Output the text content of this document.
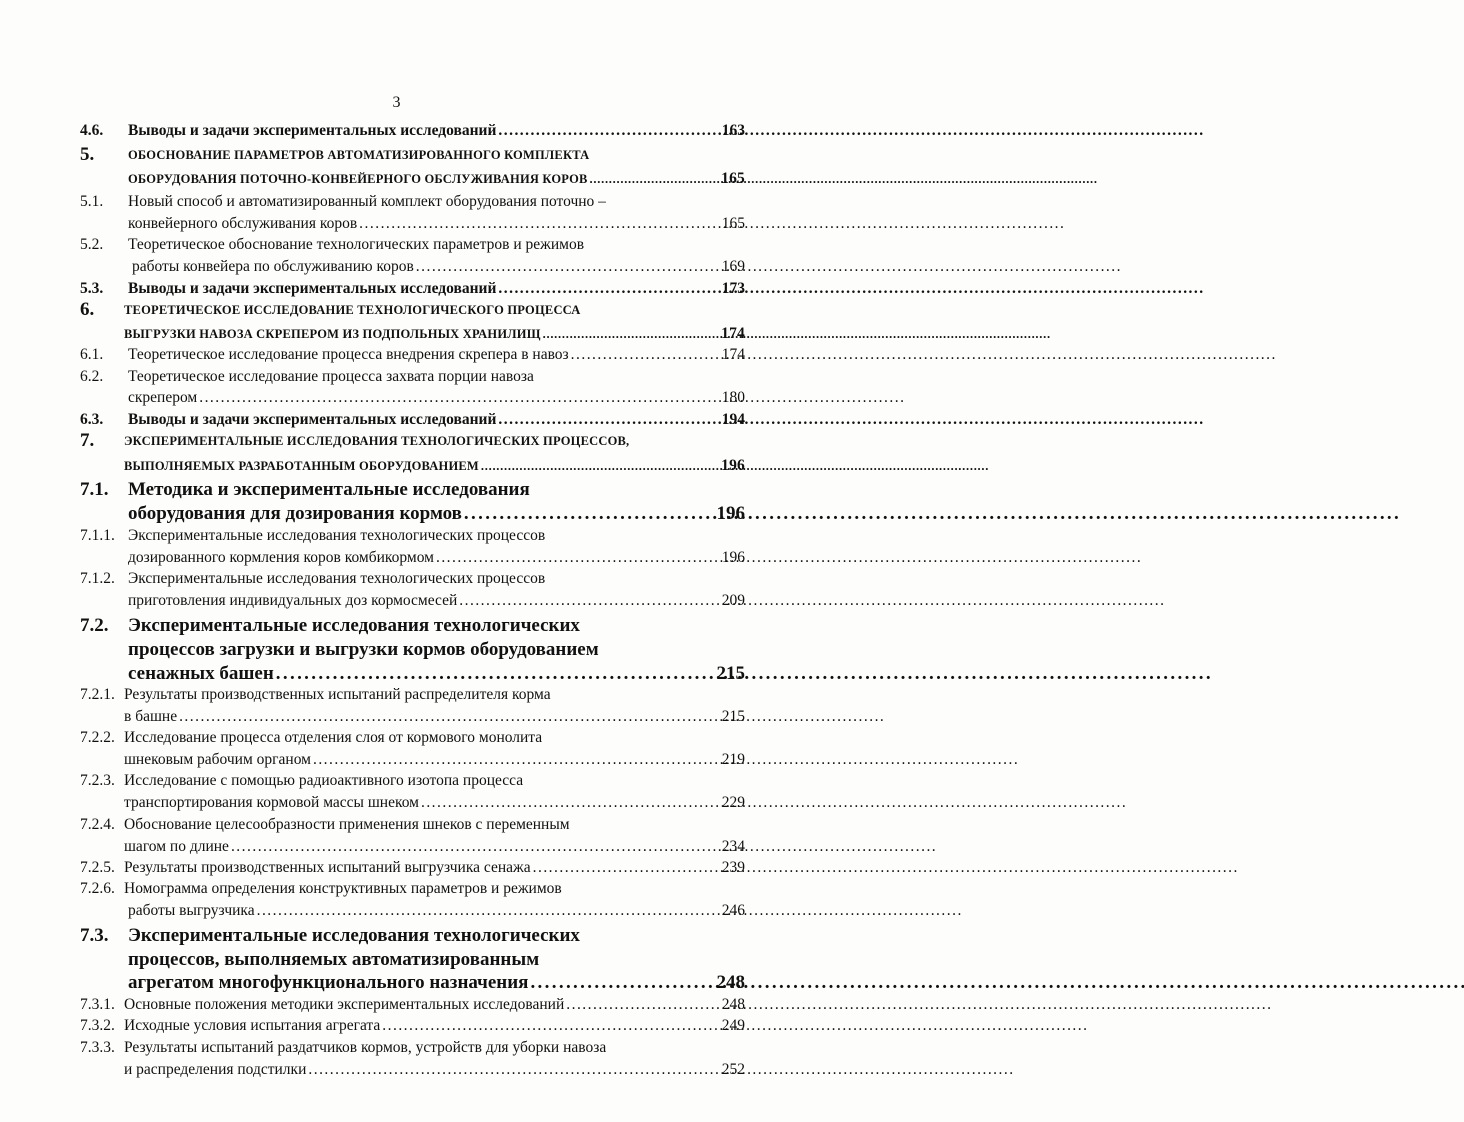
3
4.6. Выводы и задачи экспериментальных исследований . . .	163
5.	ОБОСНОВАНИЕ ПАРАМЕТРОВ АВТОМАТИЗИРОВАННОГО КОМПЛЕКТА
ОБОРУДОВАНИЯ ПОТОЧНО-КОНВЕЙЕРНОГО ОБСЛУЖИВАНИЯ КОРОВ . . .	165
5.1. Новый способ и автоматизированный комплект оборудования поточно –
конвейерного обслуживания коров . . .	165
5.2. Теоретическое обоснование технологических параметров и режимов
работы конвейера по обслуживанию коров . . .	169
5.3. Выводы и задачи экспериментальных исследований . . .	173
6. ТЕОРЕТИЧЕСКОЕ ИССЛЕДОВАНИЕ ТЕХНОЛОГИЧЕСКОГО ПРОЦЕССА
ВЫГРУЗКИ НАВОЗА СКРЕПЕРОМ ИЗ ПОДПОЛЬНЫХ ХРАНИЛИЩ . . .	174
6.1. Теоретическое исследование процесса внедрения скрепера в навоз . . .	174
6.2. Теоретическое исследование процесса захвата порции навоза
скрепером . . .	180
6.3. Выводы и задачи экспериментальных исследований . . .	194
7. ЭКСПЕРИМЕНТАЛЬНЫЕ ИССЛЕДОВАНИЯ ТЕХНОЛОГИЧЕСКИХ ПРОЦЕССОВ,
ВЫПОЛНЯЕМЫХ РАЗРАБОТАННЫМ ОБОРУДОВАНИЕМ . . .	196
7.1. Методика и экспериментальные исследования
оборудования для дозирования кормов . . .	196
7.1.1. Экспериментальные исследования технологических процессов
дозированного кормления коров комбикормом . . .	196
7.1.2. Экспериментальные исследования технологических процессов
приготовления индивидуальных доз кормосмесей . . .	209
7.2. Экспериментальные исследования технологических
процессов загрузки и выгрузки кормов оборудованием
сенажных башен . . .	215
7.2.1. Результаты производственных испытаний распределителя корма
в башне . . .	215
7.2.2. Исследование процесса отделения слоя от кормового монолита
шнековым рабочим органом . . .	219
7.2.3. Исследование с помощью радиоактивного изотопа процесса
транспортирования кормовой массы шнеком . . .	229
7.2.4. Обоснование целесообразности применения шнеков с переменным
шагом по длине . . .	234
7.2.5. Результаты производственных испытаний выгрузчика сенажа . . .	239
7.2.6. Номограмма определения конструктивных параметров и режимов
работы выгрузчика . . .	246
7.3. Экспериментальные исследования технологических
процессов, выполняемых автоматизированным
агрегатом многофункционального назначения . . .	248
7.3.1. Основные положения методики экспериментальных исследований . . .	248
7.3.2. Исходные условия испытания агрегата . . .	249
7.3.3. Результаты испытаний раздатчиков кормов, устройств для уборки навоза
и распределения подстилки . . .	252
